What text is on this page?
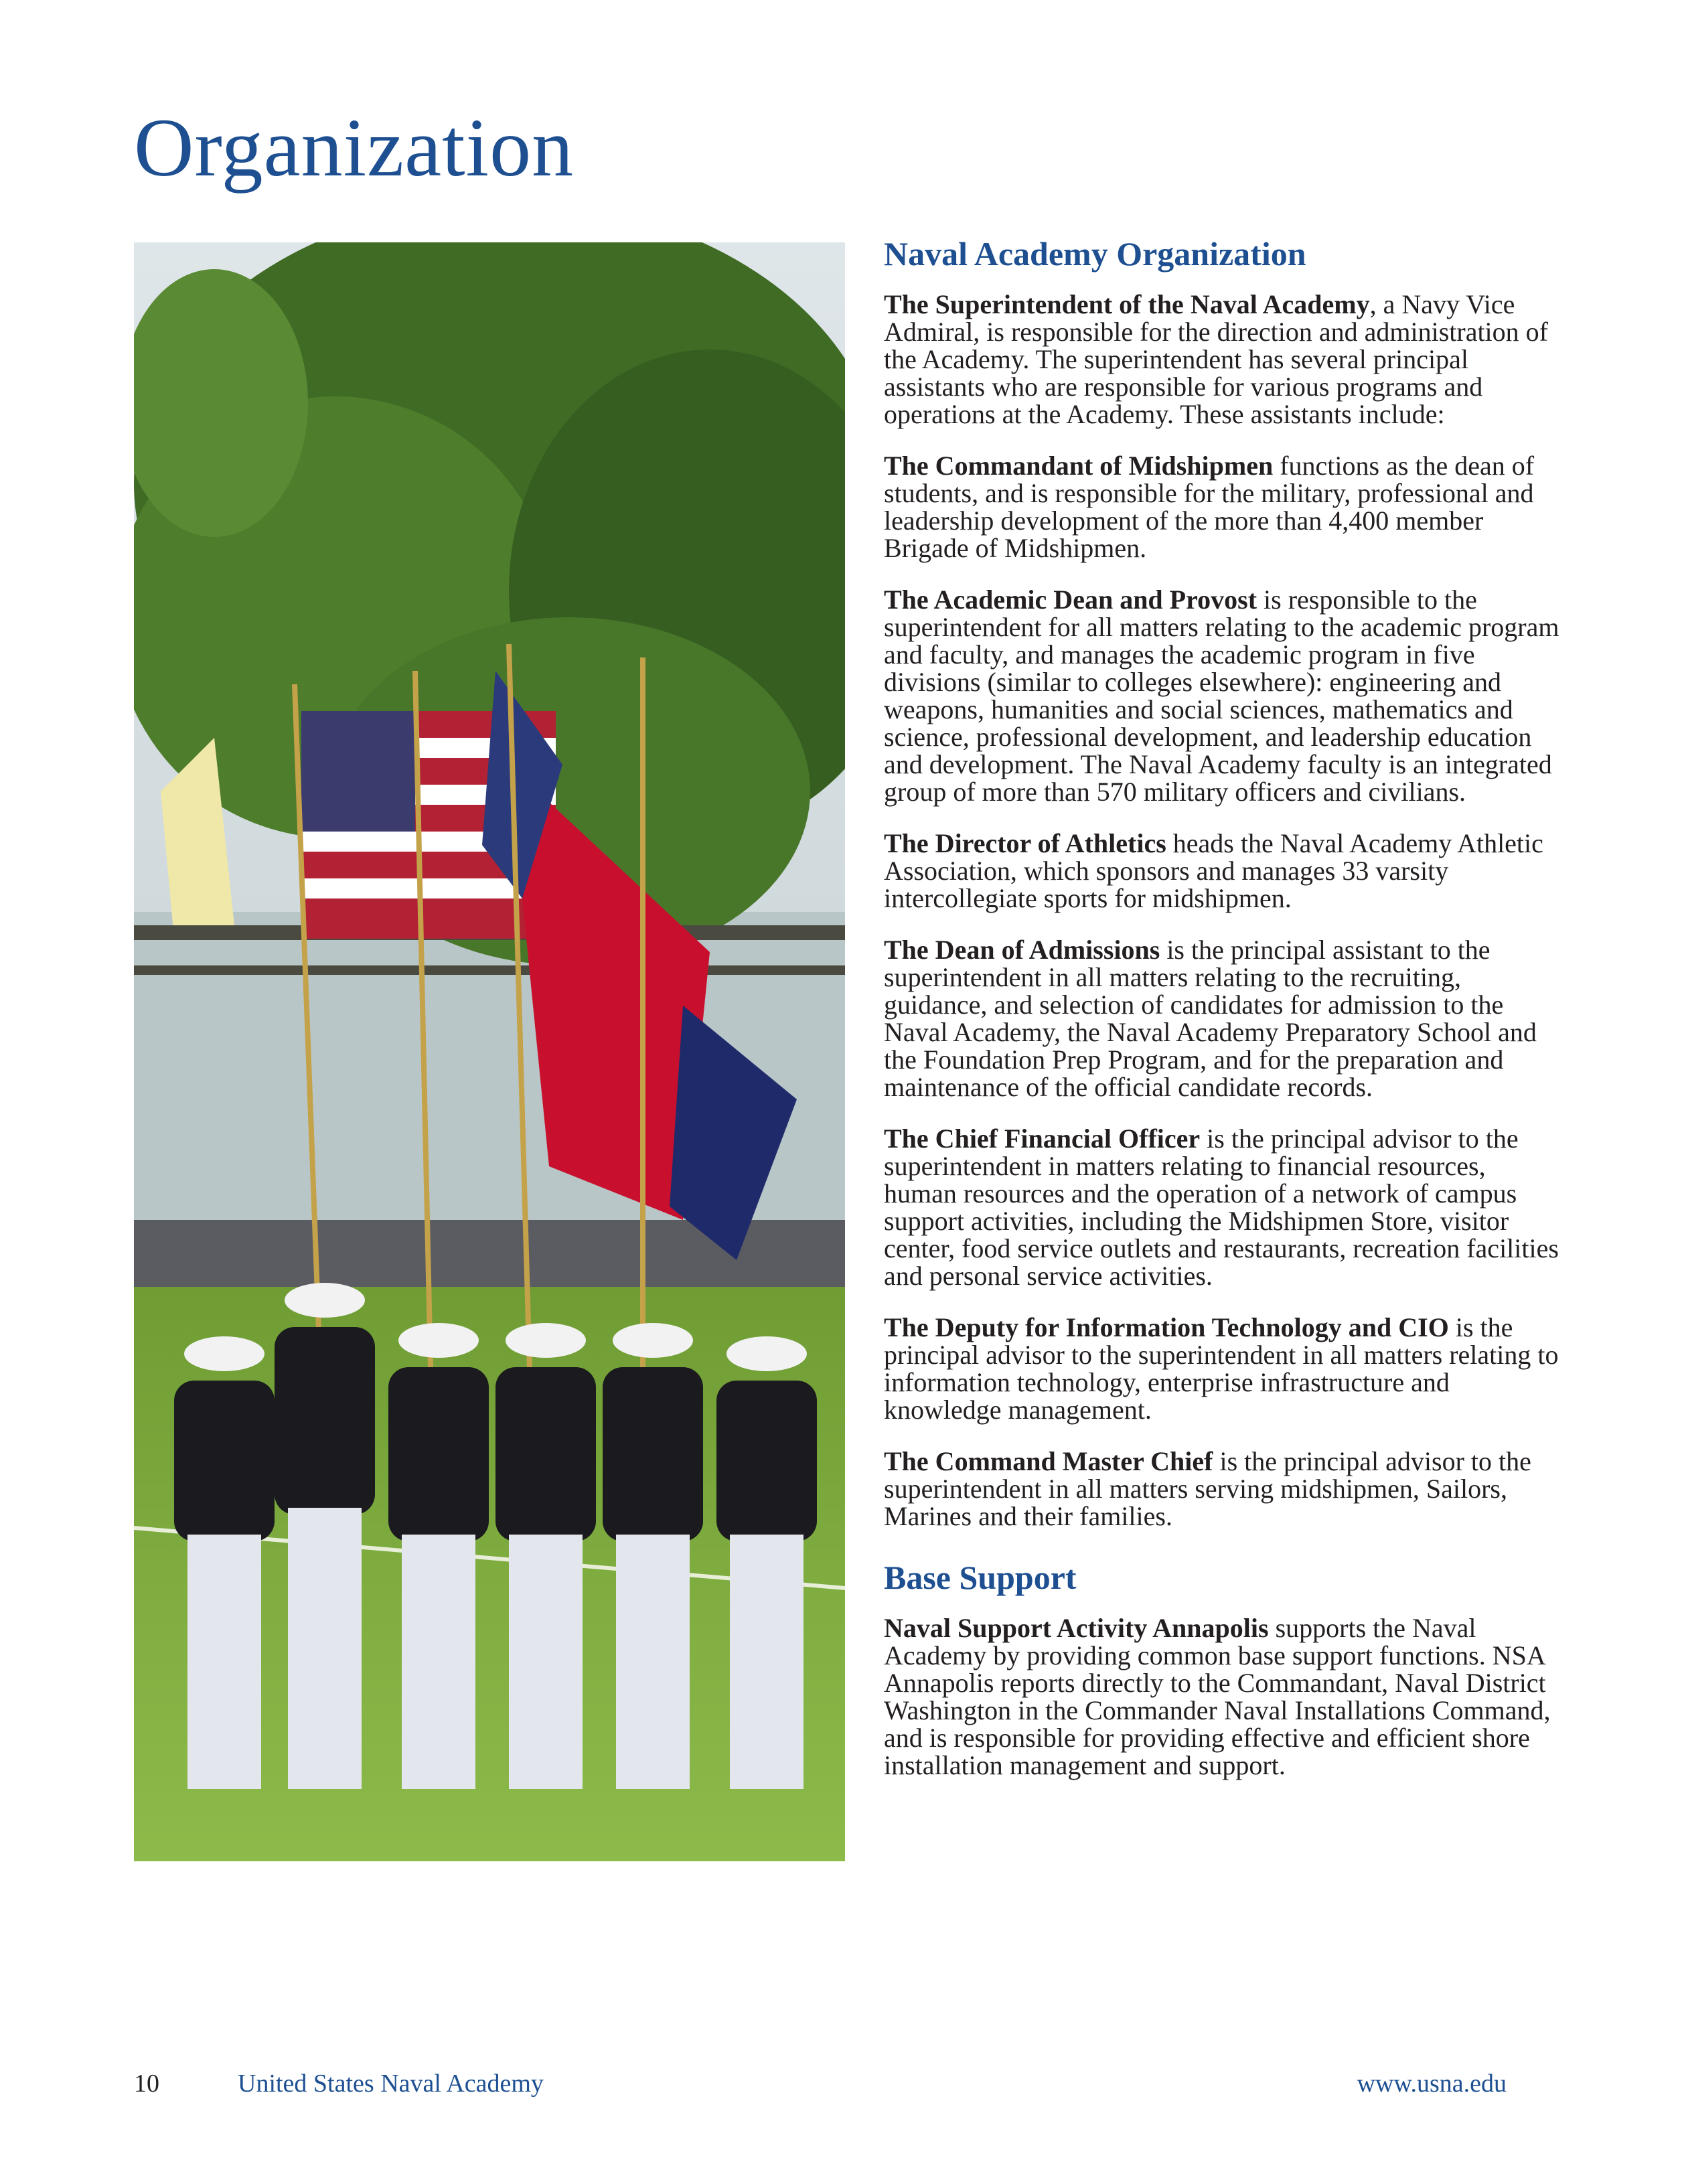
Organization
Naval Academy Organization

The Superintendent of the Naval Academy, a Navy Vice Admiral, is responsible for the direction and administration of the Academy. The superintendent has several principal assistants who are responsible for various programs and operations at the Academy. These assistants include:

The Commandant of Midshipmen functions as the dean of students, and is responsible for the military, professional and leadership development of the more than 4,400 member Brigade of Midshipmen.

The Academic Dean and Provost is responsible to the superintendent for all matters relating to the academic program and faculty, and manages the academic program in five divisions (similar to colleges elsewhere): engineering and weapons, humanities and social sciences, mathematics and science, professional development, and leadership education and development. The Naval Academy faculty is an integrated group of more than 570 military officers and civilians.

The Director of Athletics heads the Naval Academy Athletic Association, which sponsors and manages 33 varsity intercollegiate sports for midshipmen.

The Dean of Admissions is the principal assistant to the superintendent in all matters relating to the recruiting, guidance, and selection of candidates for admission to the Naval Academy, the Naval Academy Preparatory School and the Foundation Prep Program, and for the preparation and maintenance of the official candidate records.

The Chief Financial Officer is the principal advisor to the superintendent in matters relating to financial resources, human resources and the operation of a network of campus support activities, including the Midshipmen Store, visitor center, food service outlets and restaurants, recreation facilities and personal service activities.

The Deputy for Information Technology and CIO is the principal advisor to the superintendent in all matters relating to information technology, enterprise infrastructure and knowledge management.

The Command Master Chief is the principal advisor to the superintendent in all matters serving midshipmen, Sailors, Marines and their families.

Base Support

Naval Support Activity Annapolis supports the Naval Academy by providing common base support functions. NSA Annapolis reports directly to the Commandant, Naval District Washington in the Commander Naval Installations Command, and is responsible for providing effective and efficient shore installation management and support.

10	United States Naval Academy	www.usna.edu
